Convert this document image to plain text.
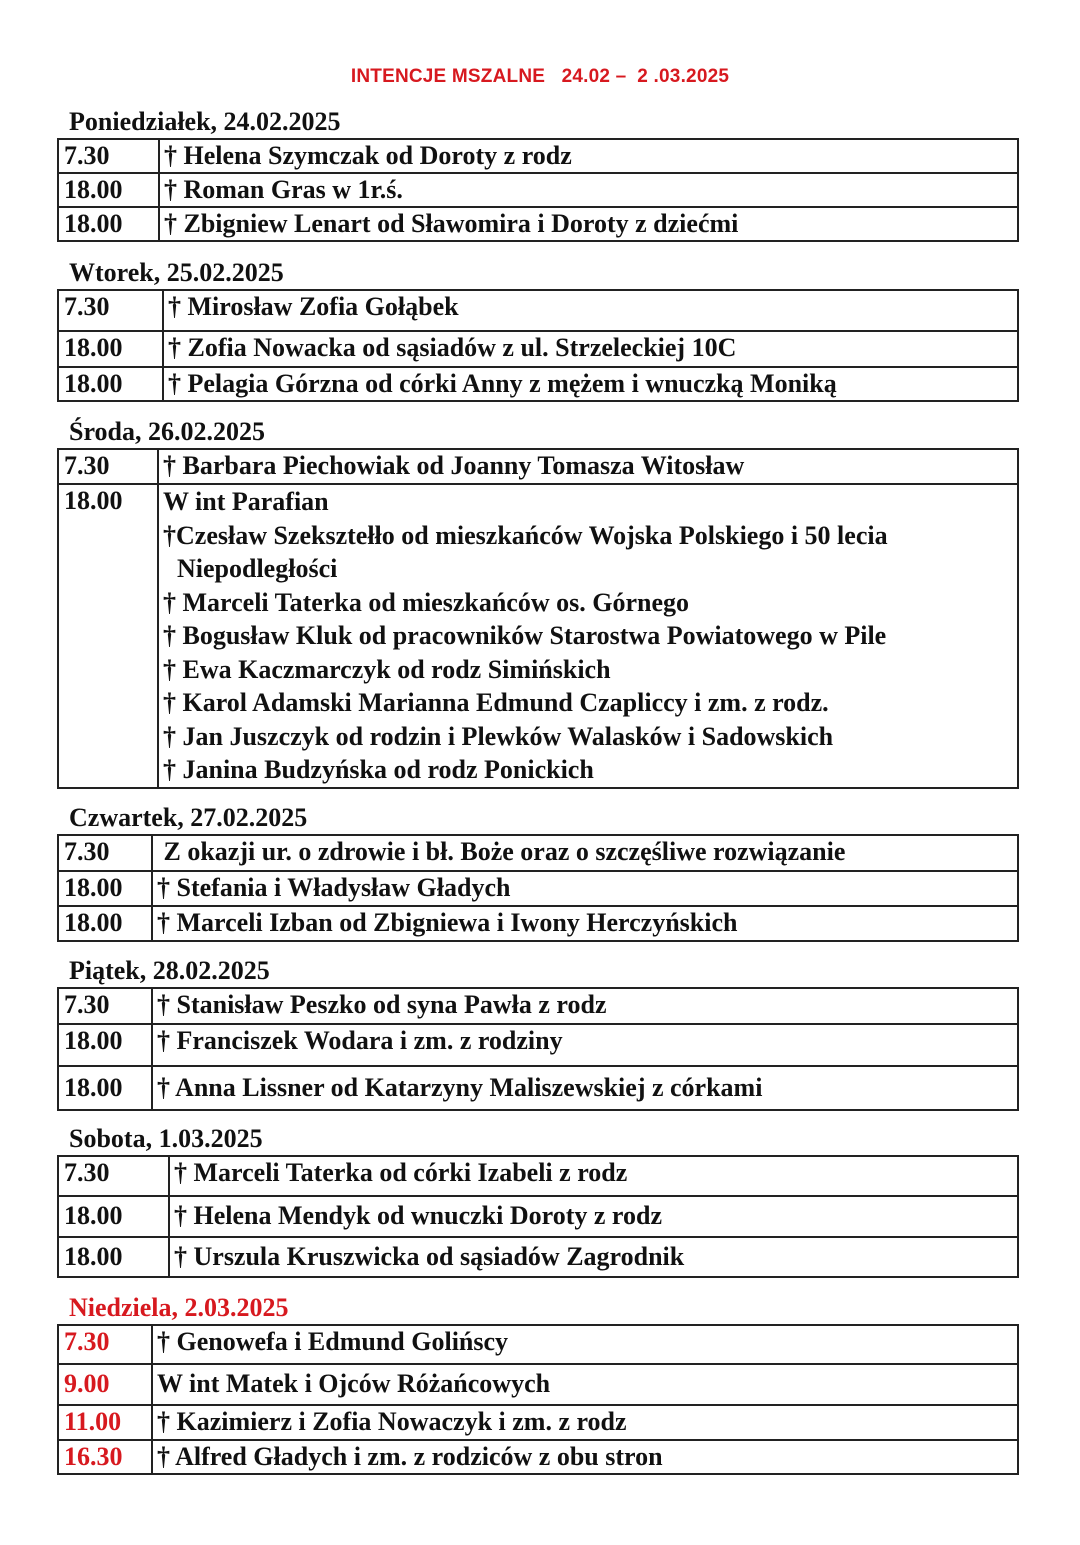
INTENCJE MSZALNE   24.02 –  2 .03.2025
Poniedziałek, 24.02.2025
7.30	† Helena Szymczak od Doroty z rodz
18.00	† Roman Gras w 1r.ś.
18.00	† Zbigniew Lenart od Sławomira i Doroty z dziećmi
Wtorek, 25.02.2025
7.30	† Mirosław Zofia Gołąbek
18.00	† Zofia Nowacka od sąsiadów z ul. Strzeleckiej 10C
18.00	† Pelagia Górzna od córki Anny z mężem i wnuczką Moniką
Środa, 26.02.2025
7.30	† Barbara Piechowiak od Joanny Tomasza Witosław
18.00	W int Parafian
†Czesław Szeksztełło od mieszkańców Wojska Polskiego i 50 lecia
Niepodległości
† Marceli Taterka od mieszkańców os. Górnego
† Bogusław Kluk od pracowników Starostwa Powiatowego w Pile
† Ewa Kaczmarczyk od rodz Simińskich
† Karol Adamski Marianna Edmund Czapliccy i zm. z rodz.
† Jan Juszczyk od rodzin i Plewków Walasków i Sadowskich
† Janina Budzyńska od rodz Ponickich
Czwartek, 27.02.2025
7.30	Z okazji ur. o zdrowie i bł. Boże oraz o szczęśliwe rozwiązanie
18.00	† Stefania i Władysław Gładych
18.00	† Marceli Izban od Zbigniewa i Iwony Herczyńskich
Piątek, 28.02.2025
7.30	† Stanisław Peszko od syna Pawła z rodz
18.00	† Franciszek Wodara i zm. z rodziny
18.00	† Anna Lissner od Katarzyny Maliszewskiej z córkami
Sobota, 1.03.2025
7.30	† Marceli Taterka od córki Izabeli z rodz
18.00	† Helena Mendyk od wnuczki Doroty z rodz
18.00	† Urszula Kruszwicka od sąsiadów Zagrodnik
Niedziela, 2.03.2025
7.30	† Genowefa i Edmund Golińscy
9.00	W int Matek i Ojców Różańcowych
11.00	† Kazimierz i Zofia Nowaczyk i zm. z rodz
16.30	† Alfred Gładych i zm. z rodziców z obu stron
